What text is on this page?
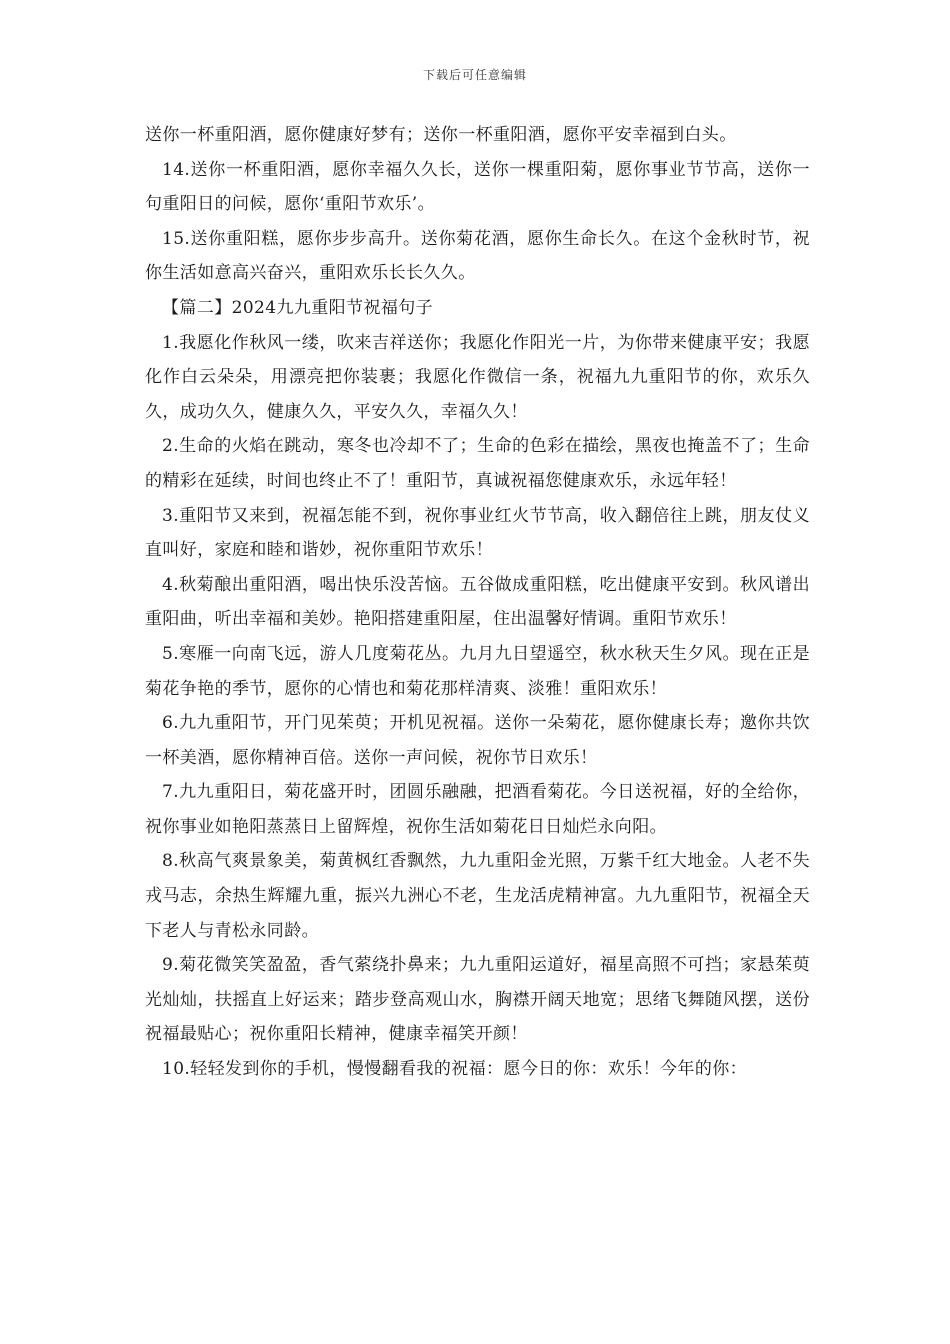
下载后可任意编辑

送你一杯重阳酒，愿你健康好梦有；送你一杯重阳酒，愿你平安幸福到白头。

14.送你一杯重阳酒，愿你幸福久久长，送你一棵重阳菊，愿你事业节节高，送你一句重阳日的问候，愿你‘重阳节欢乐’。

15.送你重阳糕，愿你步步高升。送你菊花酒，愿你生命长久。在这个金秋时节，祝你生活如意高兴奋兴，重阳欢乐长长久久。

【篇二】2024九九重阳节祝福句子

1.我愿化作秋风一缕，吹来吉祥送你；我愿化作阳光一片，为你带来健康平安；我愿化作白云朵朵，用漂亮把你装裹；我愿化作微信一条，祝福九九重阳节的你，欢乐久久，成功久久，健康久久，平安久久，幸福久久！

2.生命的火焰在跳动，寒冬也冷却不了；生命的色彩在描绘，黑夜也掩盖不了；生命的精彩在延续，时间也终止不了！重阳节，真诚祝福您健康欢乐，永远年轻！

3.重阳节又来到，祝福怎能不到，祝你事业红火节节高，收入翻倍往上跳，朋友仗义直叫好，家庭和睦和谐妙，祝你重阳节欢乐！

4.秋菊酿出重阳酒，喝出快乐没苦恼。五谷做成重阳糕，吃出健康平安到。秋风谱出重阳曲，听出幸福和美妙。艳阳搭建重阳屋，住出温馨好情调。重阳节欢乐！

5.寒雁一向南飞远，游人几度菊花丛。九月九日望遥空，秋水秋天生夕风。现在正是菊花争艳的季节，愿你的心情也和菊花那样清爽、淡雅！重阳欢乐！

6.九九重阳节，开门见茱萸；开机见祝福。送你一朵菊花，愿你健康长寿；邀你共饮一杯美酒，愿你精神百倍。送你一声问候，祝你节日欢乐！

7.九九重阳日，菊花盛开时，团圆乐融融，把酒看菊花。今日送祝福，好的全给你，祝你事业如艳阳蒸蒸日上留辉煌，祝你生活如菊花日日灿烂永向阳。

8.秋高气爽景象美，菊黄枫红香飘然，九九重阳金光照，万紫千红大地金。人老不失戎马志，余热生辉耀九重，振兴九洲心不老，生龙活虎精神富。九九重阳节，祝福全天下老人与青松永同龄。

9.菊花微笑笑盈盈，香气萦绕扑鼻来；九九重阳运道好，福星高照不可挡；家悬茱萸光灿灿，扶摇直上好运来；踏步登高观山水，胸襟开阔天地宽；思绪飞舞随风摆，送份祝福最贴心；祝你重阳长精神，健康幸福笑开颜！

10.轻轻发到你的手机，慢慢翻看我的祝福：愿今日的你：欢乐！今年的你：
